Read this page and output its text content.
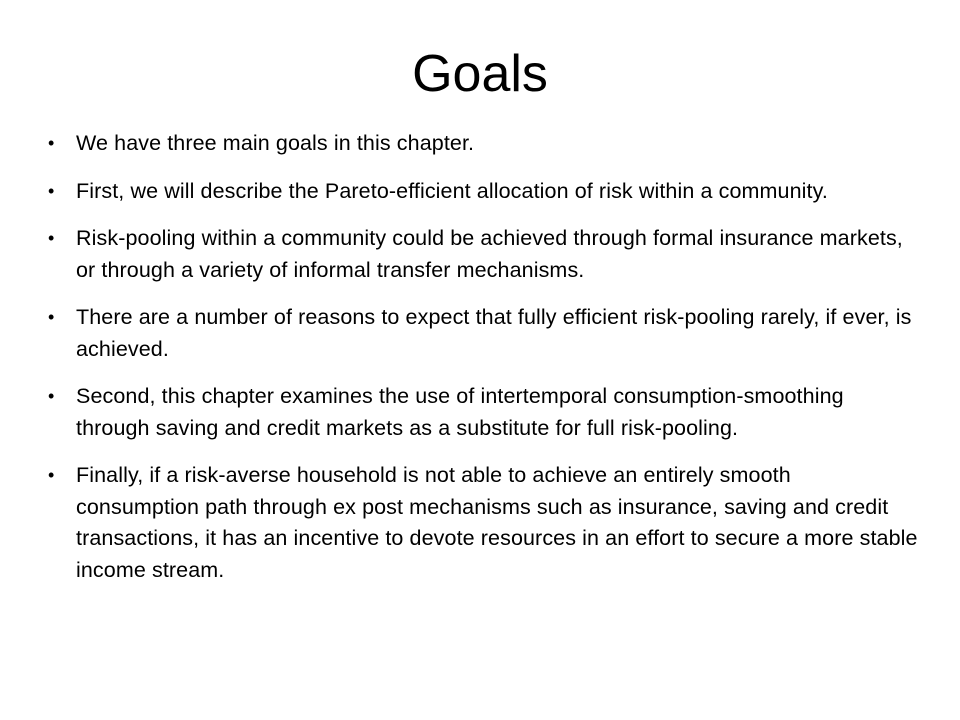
Goals
•	We have three main goals in this chapter.
•	First, we will describe the Pareto-efficient allocation of risk within a community.
•	Risk-pooling within a community could be achieved through formal insurance markets, or through a variety of informal transfer mechanisms.
•	There are a number of reasons to expect that fully efficient risk-pooling rarely, if ever, is achieved.
•	Second, this chapter examines the use of intertemporal consumption-smoothing through saving and credit markets as a substitute for full risk-pooling.
•	Finally, if a risk-averse household is not able to achieve an entirely smooth consumption path through ex post mechanisms such as insurance, saving and credit transactions, it has an incentive to devote resources in an effort to secure a more stable income stream.
